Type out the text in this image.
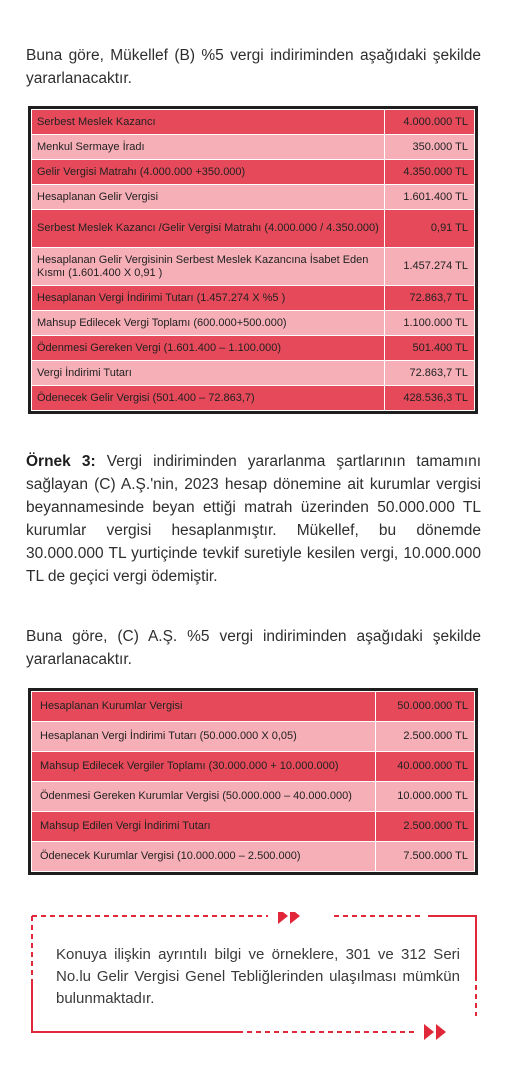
Buna göre, Mükellef (B) %5 vergi indiriminden aşağıdaki şekilde yararlanacaktır.

Serbest Meslek Kazancı	4.000.000 TL
Menkul Sermaye İradı	350.000 TL
Gelir Vergisi Matrahı (4.000.000 +350.000)	4.350.000 TL
Hesaplanan Gelir Vergisi	1.601.400 TL
Serbest Meslek Kazancı /Gelir Vergisi Matrahı (4.000.000 / 4.350.000)	0,91 TL
Hesaplanan Gelir Vergisinin Serbest Meslek Kazancına İsabet Eden Kısmı (1.601.400 X 0,91 )	1.457.274 TL
Hesaplanan Vergi İndirimi Tutarı (1.457.274 X %5 )	72.863,7 TL
Mahsup Edilecek Vergi Toplamı (600.000+500.000)	1.100.000 TL
Ödenmesi Gereken Vergi (1.601.400 – 1.100.000)	501.400 TL
Vergi İndirimi Tutarı	72.863,7 TL
Ödenecek Gelir Vergisi (501.400 – 72.863,7)	428.536,3 TL

Örnek 3: Vergi indiriminden yararlanma şartlarının tamamını sağlayan (C) A.Ş.'nin, 2023 hesap dönemine ait kurumlar vergisi beyannamesinde beyan ettiği matrah üzerinden 50.000.000 TL kurumlar vergisi hesaplanmıştır. Mükellef, bu dönemde 30.000.000 TL yurtiçinde tevkif suretiyle kesilen vergi, 10.000.000 TL de geçici vergi ödemiştir.

Buna göre, (C) A.Ş. %5 vergi indiriminden aşağıdaki şekilde yararlanacaktır.

Hesaplanan Kurumlar Vergisi	50.000.000 TL
Hesaplanan Vergi İndirimi Tutarı (50.000.000 X 0,05)	2.500.000 TL
Mahsup Edilecek Vergiler Toplamı (30.000.000 + 10.000.000)	40.000.000 TL
Ödenmesi Gereken Kurumlar Vergisi (50.000.000 – 40.000.000)	10.000.000 TL
Mahsup Edilen Vergi İndirimi Tutarı	2.500.000 TL
Ödenecek Kurumlar Vergisi (10.000.000 – 2.500.000)	7.500.000 TL

Konuya ilişkin ayrıntılı bilgi ve örneklere, 301 ve 312 Seri No.lu Gelir Vergisi Genel Tebliğlerinden ulaşılması mümkün bulunmaktadır.
